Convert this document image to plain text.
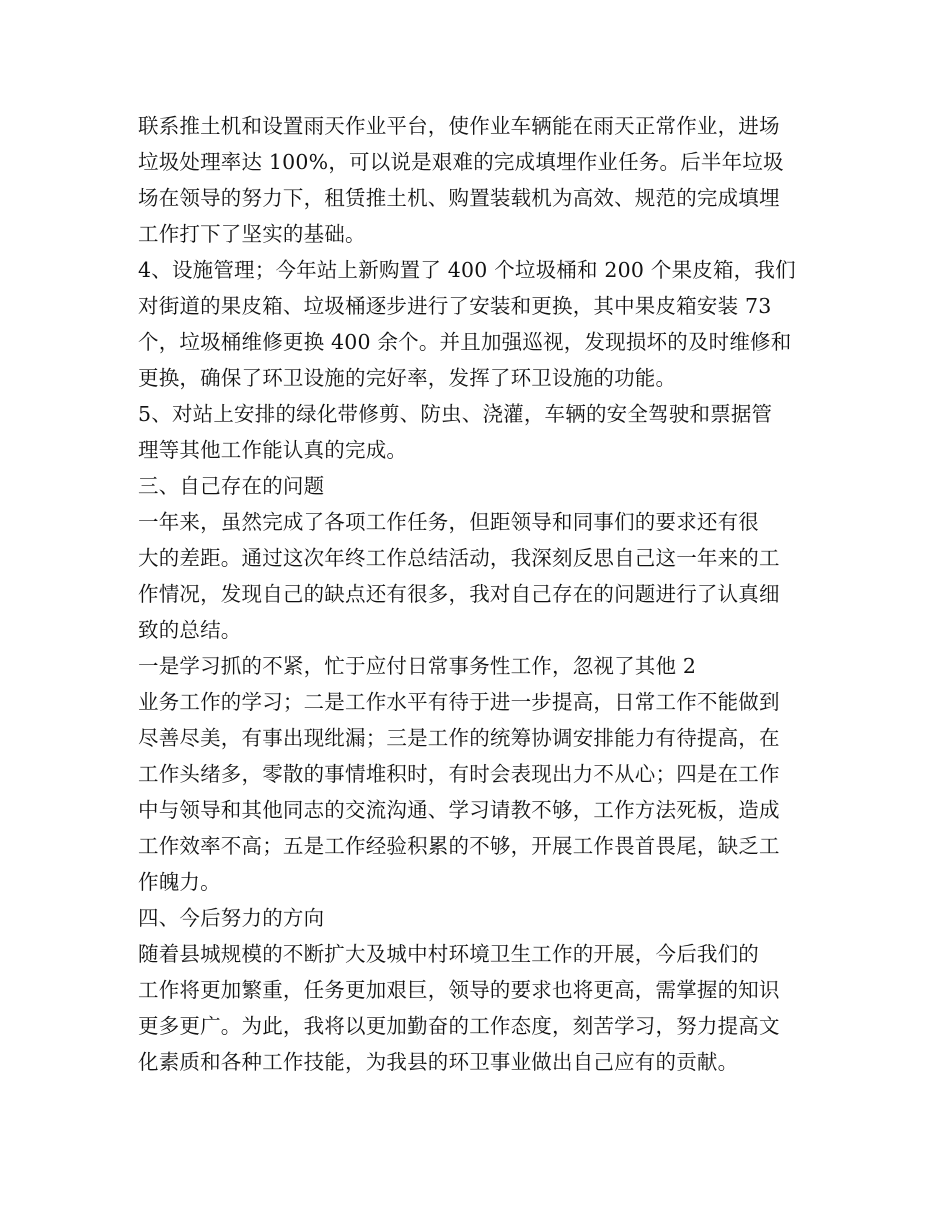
联系推土机和设置雨天作业平台，使作业车辆能在雨天正常作业，进场
垃圾处理率达 100%，可以说是艰难的完成填埋作业任务。后半年垃圾
场在领导的努力下，租赁推土机、购置装载机为高效、规范的完成填埋
工作打下了坚实的基础。
4、设施管理；今年站上新购置了 400 个垃圾桶和 200 个果皮箱，我们
对街道的果皮箱、垃圾桶逐步进行了安装和更换，其中果皮箱安装 73
个，垃圾桶维修更换 400 余个。并且加强巡视，发现损坏的及时维修和
更换，确保了环卫设施的完好率，发挥了环卫设施的功能。
5、对站上安排的绿化带修剪、防虫、浇灌，车辆的安全驾驶和票据管
理等其他工作能认真的完成。
三、自己存在的问题
一年来，虽然完成了各项工作任务，但距领导和同事们的要求还有很
大的差距。通过这次年终工作总结活动，我深刻反思自己这一年来的工
作情况，发现自己的缺点还有很多，我对自己存在的问题进行了认真细
致的总结。
一是学习抓的不紧，忙于应付日常事务性工作，忽视了其他 2
业务工作的学习；二是工作水平有待于进一步提高，日常工作不能做到
尽善尽美，有事出现纰漏；三是工作的统筹协调安排能力有待提高，在
工作头绪多，零散的事情堆积时，有时会表现出力不从心；四是在工作
中与领导和其他同志的交流沟通、学习请教不够，工作方法死板，造成
工作效率不高；五是工作经验积累的不够，开展工作畏首畏尾，缺乏工
作魄力。
四、今后努力的方向
随着县城规模的不断扩大及城中村环境卫生工作的开展，今后我们的
工作将更加繁重，任务更加艰巨，领导的要求也将更高，需掌握的知识
更多更广。为此，我将以更加勤奋的工作态度，刻苦学习，努力提高文
化素质和各种工作技能，为我县的环卫事业做出自己应有的贡献。
